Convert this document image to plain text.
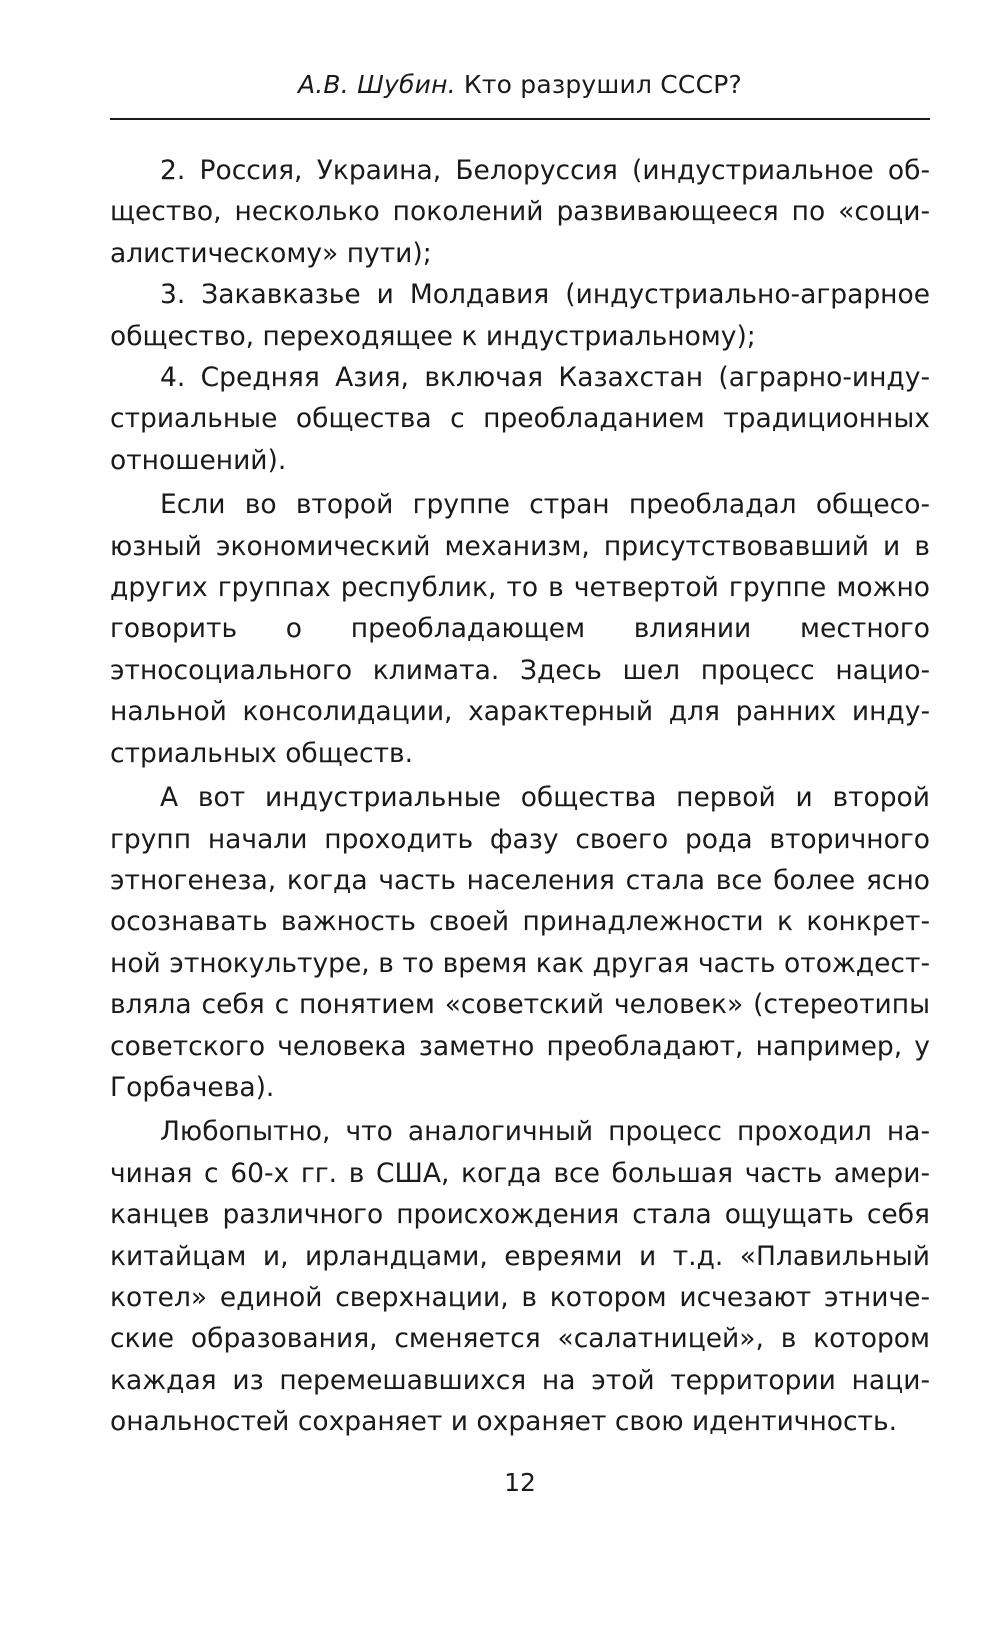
А.В. Шубин. Кто разрушил СССР?

2. Россия, Украина, Белоруссия (индустриальное общество, несколько поколений развивающееся по «социалистическому» пути);

3. Закавказье и Молдавия (индустриально-аграрное общество, переходящее к индустриальному);

4. Средняя Азия, включая Казахстан (аграрно-индустриальные общества с преобладанием традиционных отношений).

Если во второй группе стран преобладал общесоюзный экономический механизм, присутствовавший и в других группах республик, то в четвертой группе можно говорить о преобладающем влиянии местного этносоциального климата. Здесь шел процесс национальной консолидации, характерный для ранних индустриальных обществ.

А вот индустриальные общества первой и второй групп начали проходить фазу своего рода вторичного этногенеза, когда часть населения стала все более ясно осознавать важность своей принадлежности к конкретной этнокультуре, в то время как другая часть отождествляла себя с понятием «советский человек» (стереотипы советского человека заметно преобладают, например, у Горбачева).

Любопытно, что аналогичный процесс проходил начиная с 60-х гг. в США, когда все большая часть американцев различного происхождения стала ощущать себя китайцам и, ирландцами, евреями и т.д. «Плавильный котел» единой сверхнации, в котором исчезают этнические образования, сменяется «салатницей», в котором каждая из перемешавшихся на этой территории национальностей сохраняет и охраняет свою идентичность.

12
